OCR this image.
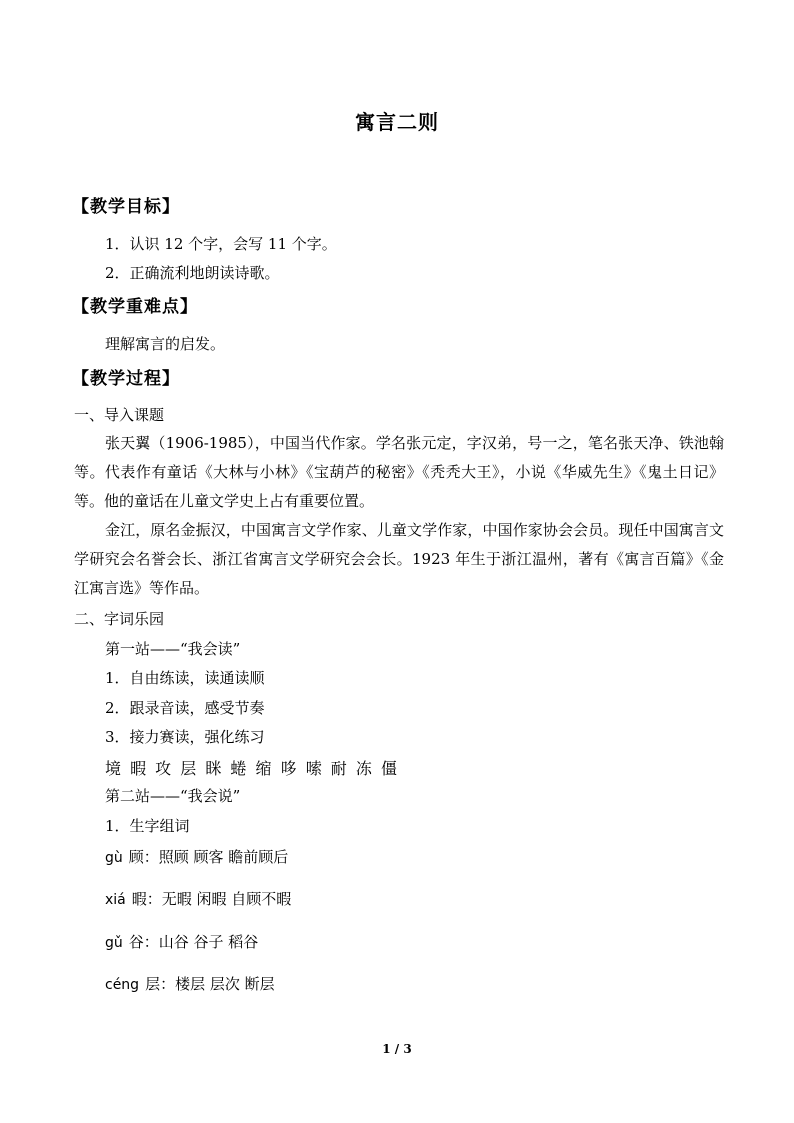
寓言二则
【教学目标】
1．认识 12 个字，会写 11 个字。
2．正确流利地朗读诗歌。
【教学重难点】
理解寓言的启发。
【教学过程】
一、导入课题
张天翼（1906-1985），中国当代作家。学名张元定，字汉弟，号一之，笔名张天净、铁池翰等。代表作有童话《大林与小林》《宝葫芦的秘密》《秃秃大王》，小说《华威先生》《鬼土日记》等。他的童话在儿童文学史上占有重要位置。
金江，原名金振汉，中国寓言文学作家、儿童文学作家，中国作家协会会员。现任中国寓言文学研究会名誉会长、浙江省寓言文学研究会会长。1923 年生于浙江温州，著有《寓言百篇》《金江寓言选》等作品。
二、字词乐园
第一站——“我会读”
1．自由练读，读通读顺
2．跟录音读，感受节奏
3．接力赛读，强化练习
境 暇 攻 层 眯 蜷 缩 哆 嗦 耐 冻 僵
第二站——“我会说”
1．生字组词
gù 顾：照顾 顾客 瞻前顾后
xiá 暇：无暇 闲暇 自顾不暇
gǔ 谷：山谷 谷子 稻谷
céng 层：楼层 层次 断层
1 / 3
